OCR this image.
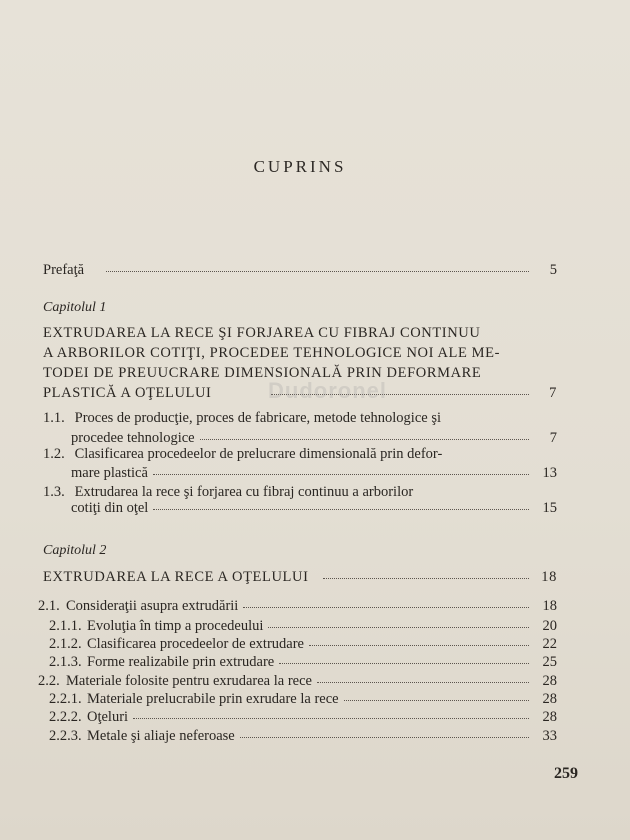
CUPRINS
Prefaţă	5
Capitolul 1
EXTRUDAREA LA RECE ŞI FORJAREA CU FIBRAJ CONTINUU
A ARBORILOR COTIŢI, PROCEDEE TEHNOLOGICE NOI ALE ME-
TODEI DE PREUUCRARE DIMENSIONALĂ PRIN DEFORMARE
PLASTICĂ A OŢELULUI	7
1.1. Proces de producţie, proces de fabricare, metode tehnologice şi
procedee tehnologice	7
1.2. Clasificarea procedeelor de prelucrare dimensională prin defor-
mare plastică	13
1.3. Extrudarea la rece şi forjarea cu fibraj continuu a arborilor
cotiţi din oţel	15
Capitolul 2
EXTRUDAREA LA RECE A OŢELULUI	18
2.1. Consideraţii asupra extrudării	18
2.1.1. Evoluţia în timp a procedeului	20
2.1.2. Clasificarea procedeelor de extrudare	22
2.1.3. Forme realizabile prin extrudare	25
2.2. Materiale folosite pentru exrudarea la rece	28
2.2.1. Materiale prelucrabile prin exrudare la rece	28
2.2.2. Oţeluri	28
2.2.3. Metale şi aliaje neferoase	33
Dudoronel
259
